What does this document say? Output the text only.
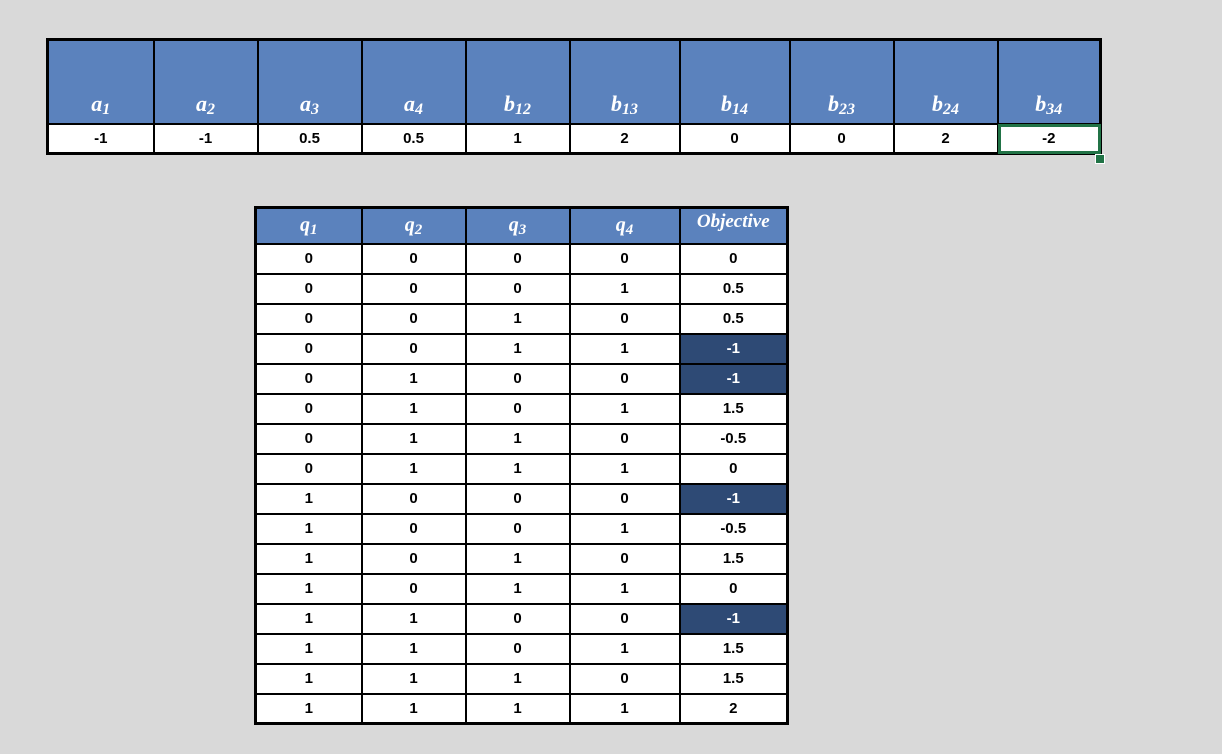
$a_1$	$a_2$	$a_3$	$a_4$	$b_{12}$	$b_{13}$	$b_{14}$	$b_{23}$	$b_{24}$	$b_{34}$
-1	-1	0.5	0.5	1	2	0	0	2	-2
$q_1$	$q_2$	$q_3$	$q_4$	Objective
0	0	0	0	0
0	0	0	1	0.5
0	0	1	0	0.5
0	0	1	1	-1
0	1	0	0	-1
0	1	0	1	1.5
0	1	1	0	-0.5
0	1	1	1	0
1	0	0	0	-1
1	0	0	1	-0.5
1	0	1	0	1.5
1	0	1	1	0
1	1	0	0	-1
1	1	0	1	1.5
1	1	1	0	1.5
1	1	1	1	2
